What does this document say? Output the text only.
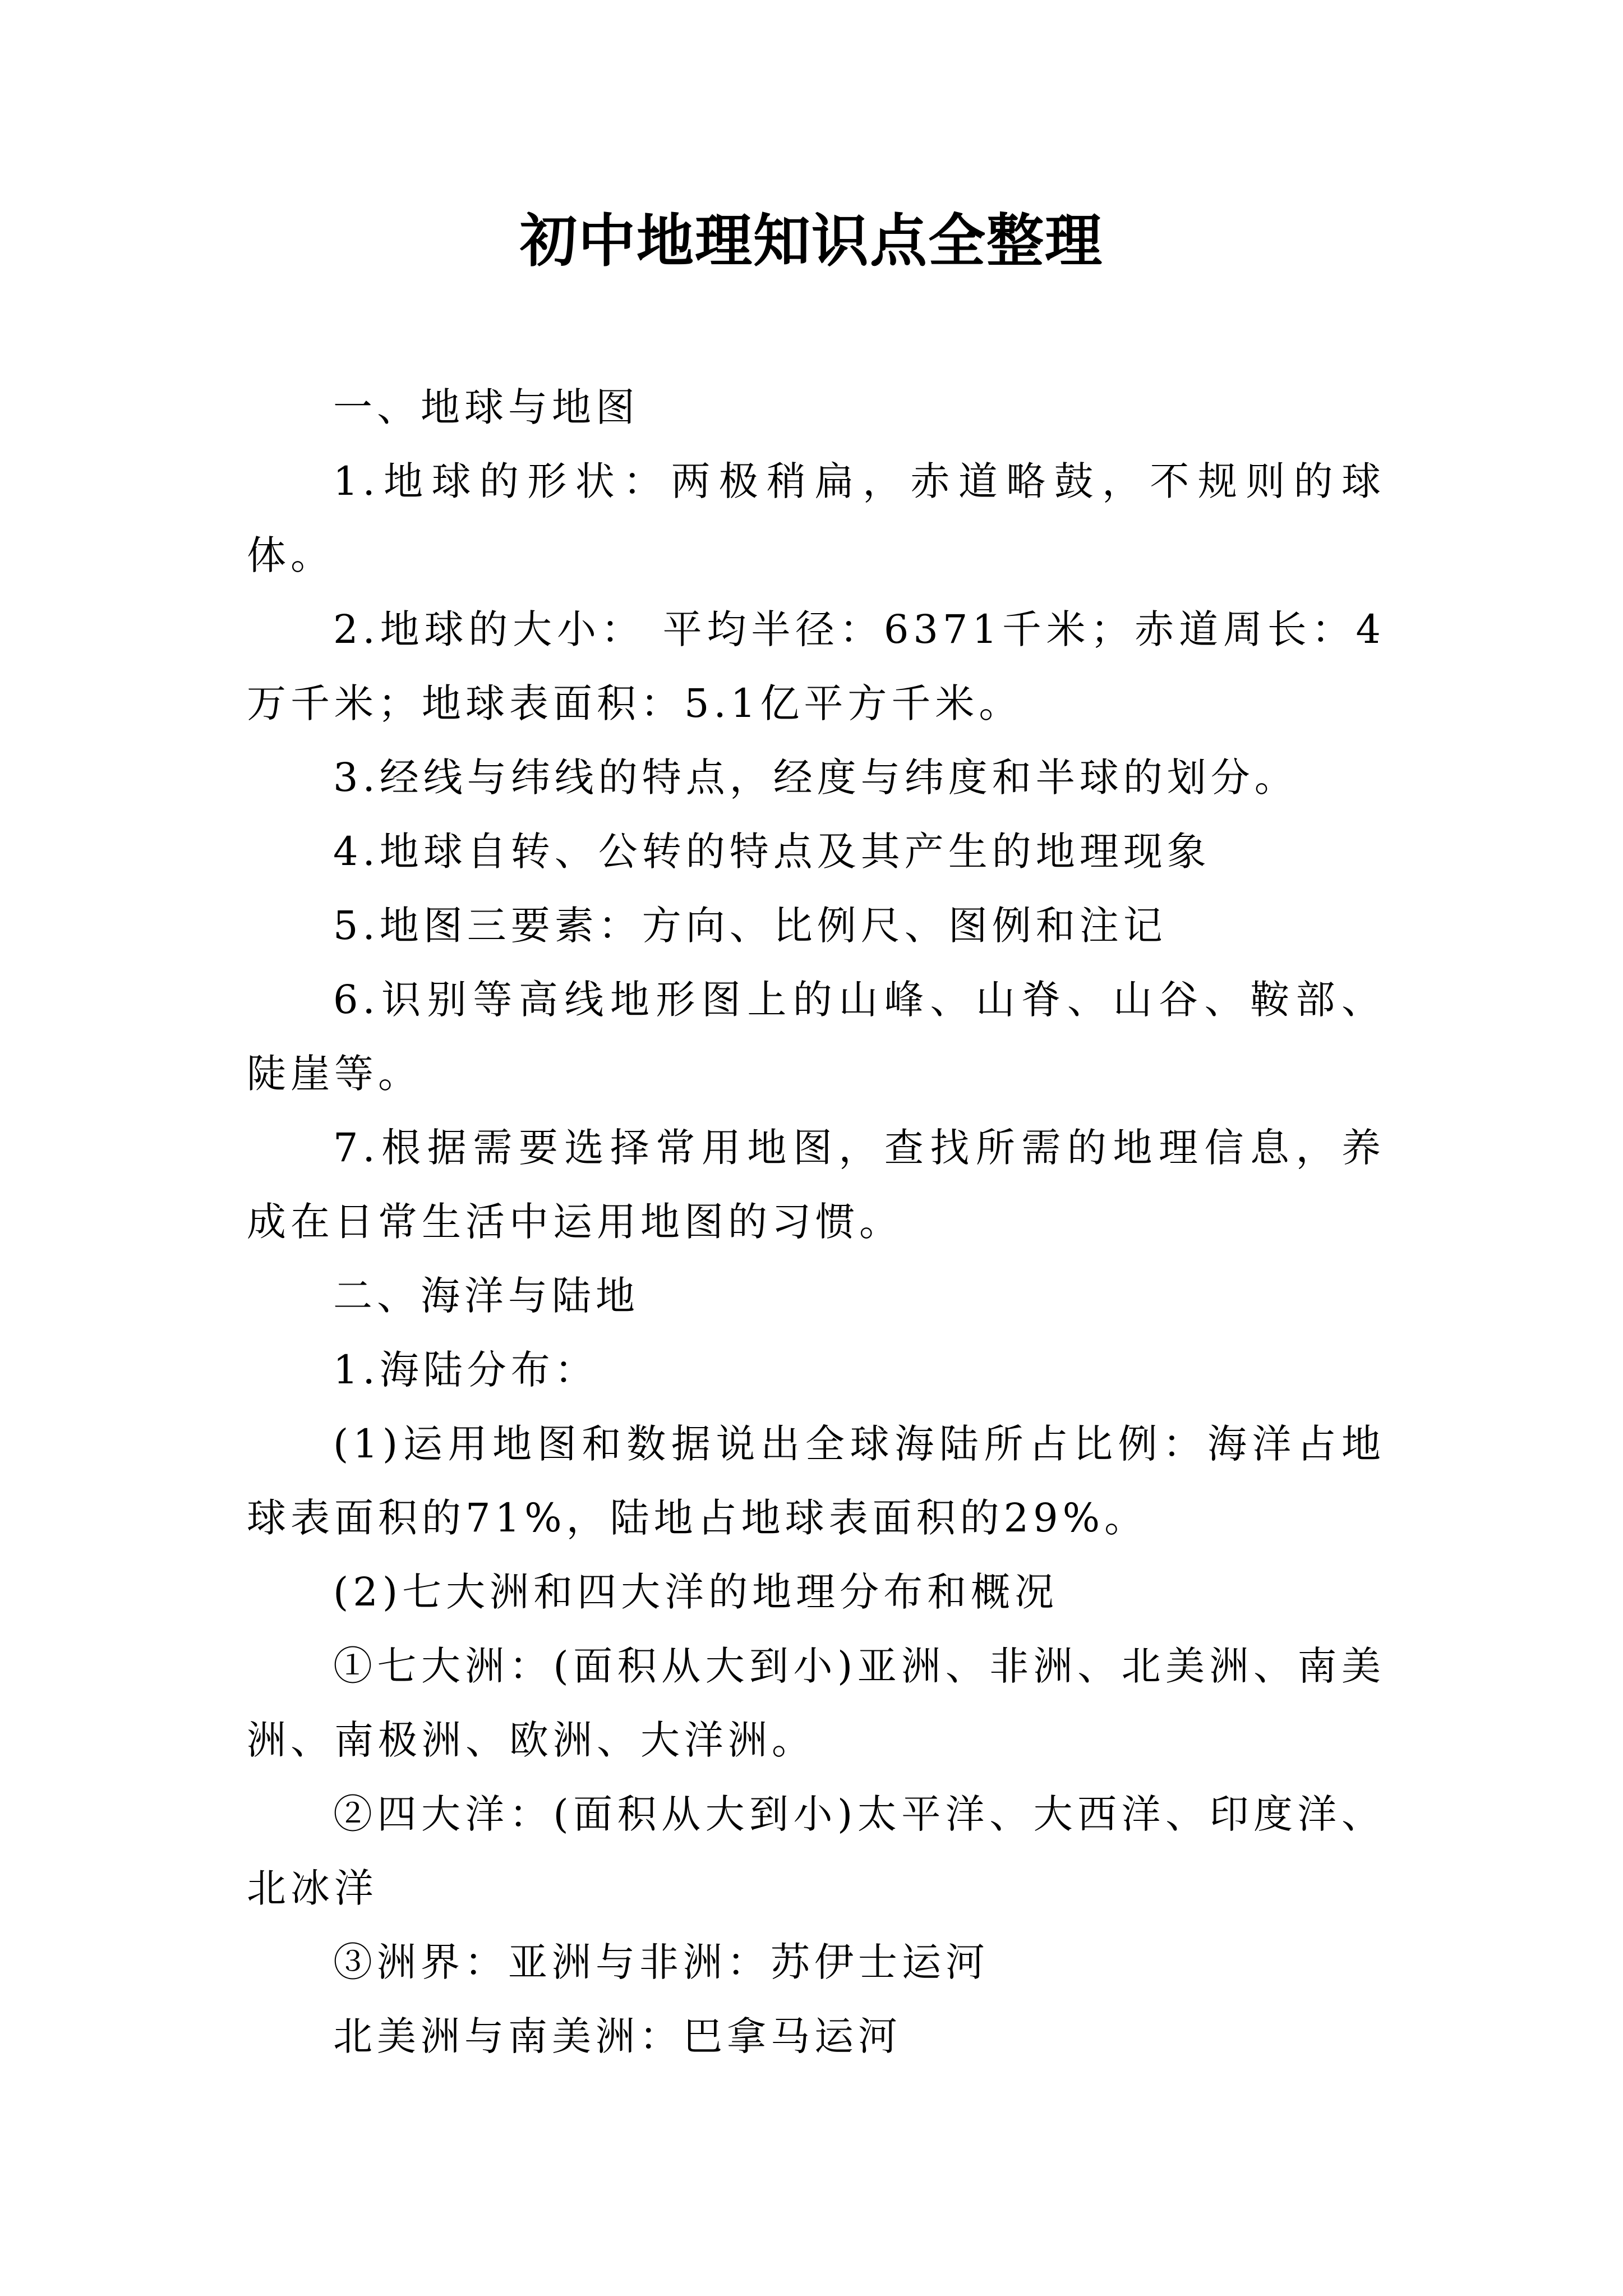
初中地理知识点全整理

一、地球与地图

1.地球的形状：两极稍扁，赤道略鼓，不规则的球体。

2.地球的大小： 平均半径：6371千米；赤道周长：4万千米；地球表面积：5.1亿平方千米。

3.经线与纬线的特点，经度与纬度和半球的划分。

4.地球自转、公转的特点及其产生的地理现象

5.地图三要素：方向、比例尺、图例和注记

6.识别等高线地形图上的山峰、山脊、山谷、鞍部、陡崖等。

7.根据需要选择常用地图，查找所需的地理信息，养成在日常生活中运用地图的习惯。

二、海洋与陆地

1.海陆分布：

(1)运用地图和数据说出全球海陆所占比例：海洋占地球表面积的71%，陆地占地球表面积的29%。

(2)七大洲和四大洋的地理分布和概况

①七大洲：(面积从大到小)亚洲、非洲、北美洲、南美洲、南极洲、欧洲、大洋洲。

②四大洋：(面积从大到小)太平洋、大西洋、印度洋、北冰洋

③洲界：亚洲与非洲：苏伊士运河

北美洲与南美洲：巴拿马运河
